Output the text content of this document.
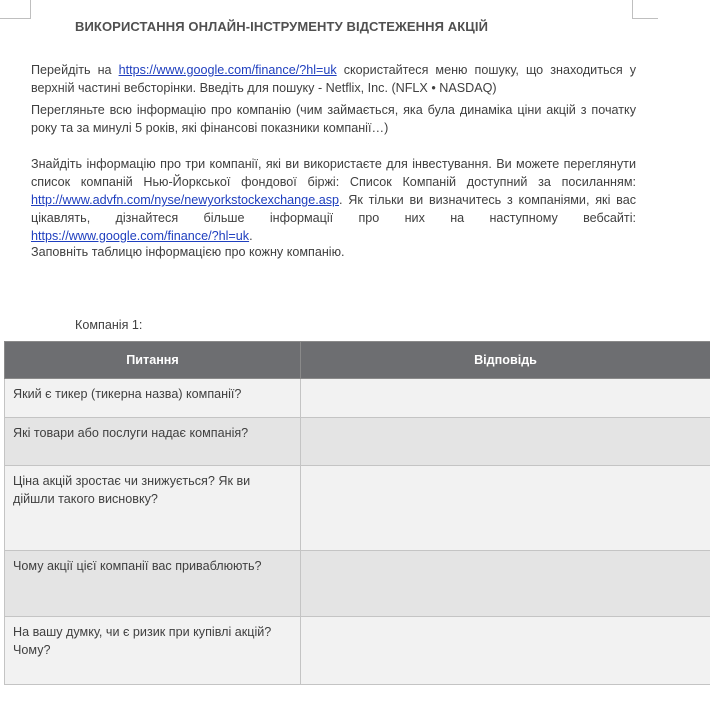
ВИКОРИСТАННЯ ОНЛАЙН-ІНСТРУМЕНТУ ВІДСТЕЖЕННЯ АКЦІЙ

Перейдіть на https://www.google.com/finance/?hl=uk скористайтеся меню пошуку, що знаходиться у верхній частині вебсторінки. Введіть для пошуку - Netflix, Inc. (NFLX • NASDAQ)

Перегляньте всю інформацію про компанію (чим займається, яка була динаміка ціни акцій з початку року та за минулі 5 років, які фінансові показники компанії…)

Знайдіть інформацію про три компанії, які ви використаєте для інвестування. Ви можете переглянути список компаній Нью-Йоркської фондової біржі: Список Компаній доступний за посиланням: http://www.advfn.com/nyse/newyorkstockexchange.asp. Як тільки ви визначитесь з компаніями, які вас цікавлять, дізнайтеся більше інформації про них на наступному вебсайті: https://www.google.com/finance/?hl=uk.

Заповніть таблицю інформацією про кожну компанію.

Компанія 1:
Питання	Відповідь
Який є тикер (тикерна назва) компанії?	
Які товари або послуги надає компанія?	
Ціна акцій зростає чи знижується? Як ви дійшли такого висновку?	
Чому акції цієї компанії вас приваблюють?	
На вашу думку, чи є ризик при купівлі акцій? Чому?	
